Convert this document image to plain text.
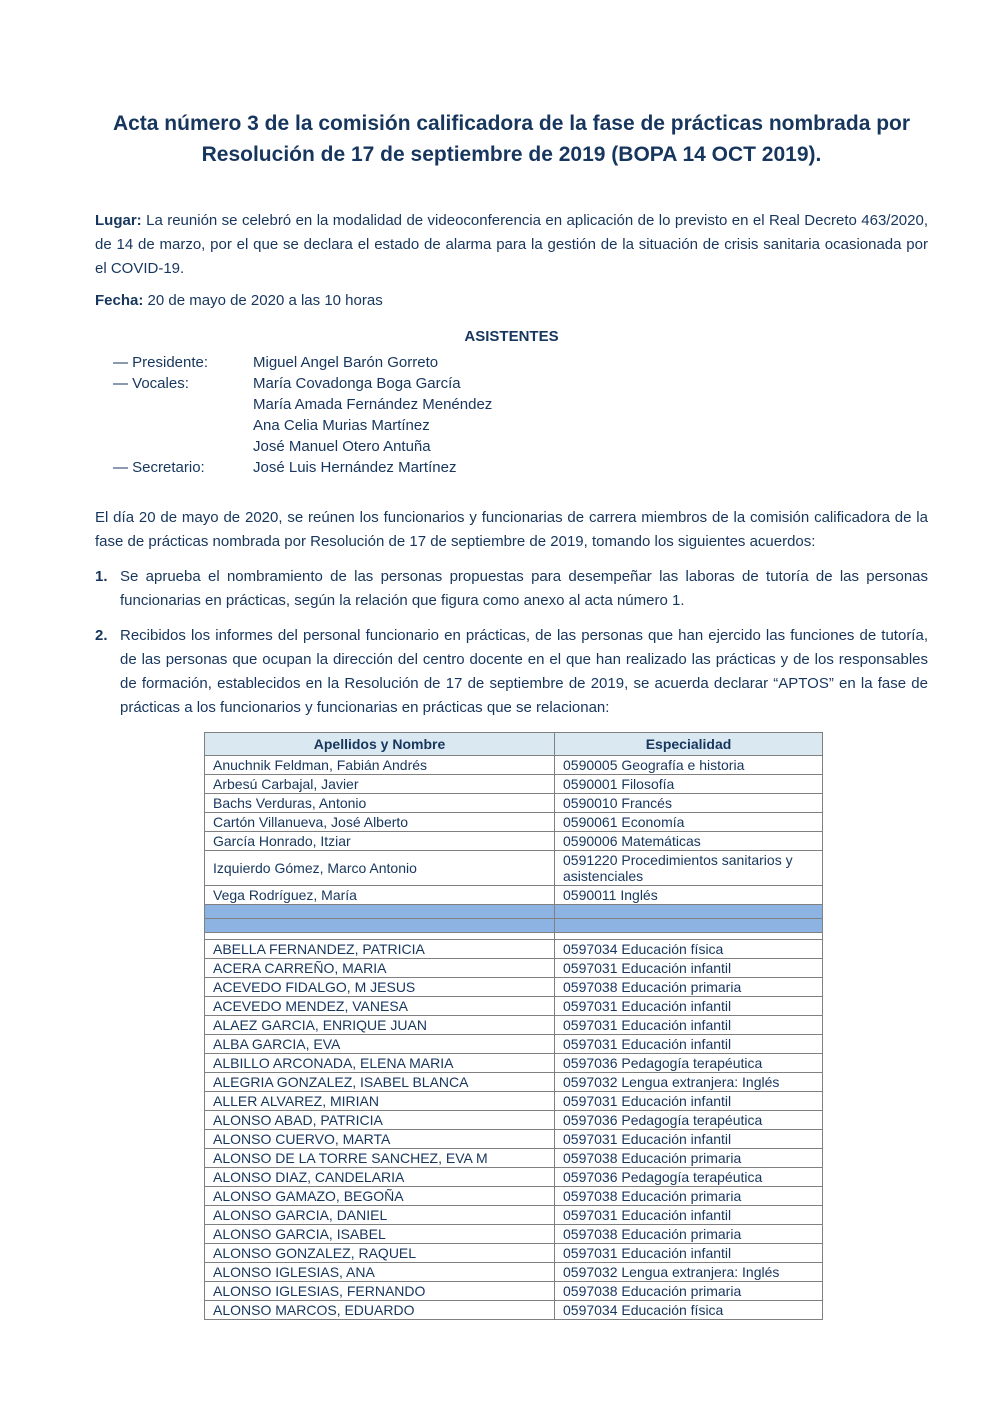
Acta número 3 de la comisión calificadora de la fase de prácticas nombrada por Resolución de 17 de septiembre de 2019 (BOPA 14 OCT 2019).

Lugar: La reunión se celebró en la modalidad de videoconferencia en aplicación de lo previsto en el Real Decreto 463/2020, de 14 de marzo, por el que se declara el estado de alarma para la gestión de la situación de crisis sanitaria ocasionada por el COVID-19.

Fecha: 20 de mayo de 2020 a las 10 horas

ASISTENTES
— Presidente:	Miguel Angel Barón Gorreto
— Vocales:	María Covadonga Boga García
María Amada Fernández Menéndez
Ana Celia Murias Martínez
José Manuel Otero Antuña
— Secretario:	José Luis Hernández Martínez

El día 20 de mayo de 2020, se reúnen los funcionarios y funcionarias de carrera miembros de la comisión calificadora de la fase de prácticas nombrada por Resolución de 17 de septiembre de 2019, tomando los siguientes acuerdos:

1. Se aprueba el nombramiento de las personas propuestas para desempeñar las laboras de tutoría de las personas funcionarias en prácticas, según la relación que figura como anexo al acta número 1.
2. Recibidos los informes del personal funcionario en prácticas, de las personas que han ejercido las funciones de tutoría, de las personas que ocupan la dirección del centro docente en el que han realizado las prácticas y de los responsables de formación, establecidos en la Resolución de 17 de septiembre de 2019, se acuerda declarar “APTOS” en la fase de prácticas a los funcionarios y funcionarias en prácticas que se relacionan:
Apellidos y Nombre	Especialidad
Anuchnik Feldman, Fabián Andrés	0590005 Geografía e historia
Arbesú Carbajal, Javier	0590001 Filosofía
Bachs Verduras, Antonio	0590010 Francés
Cartón Villanueva, José Alberto	0590061 Economía
García Honrado, Itziar	0590006 Matemáticas
Izquierdo Gómez, Marco Antonio	0591220 Procedimientos sanitarios y asistenciales
Vega Rodríguez, María	0590011 Inglés

ABELLA FERNANDEZ, PATRICIA	0597034 Educación física
ACERA CARREÑO, MARIA	0597031 Educación infantil
ACEVEDO FIDALGO, M JESUS	0597038 Educación primaria
ACEVEDO MENDEZ, VANESA	0597031 Educación infantil
ALAEZ GARCIA, ENRIQUE JUAN	0597031 Educación infantil
ALBA GARCIA, EVA	0597031 Educación infantil
ALBILLO ARCONADA, ELENA MARIA	0597036 Pedagogía terapéutica
ALEGRIA GONZALEZ, ISABEL BLANCA	0597032 Lengua extranjera: Inglés
ALLER ALVAREZ, MIRIAN	0597031 Educación infantil
ALONSO ABAD, PATRICIA	0597036 Pedagogía terapéutica
ALONSO CUERVO, MARTA	0597031 Educación infantil
ALONSO DE LA TORRE SANCHEZ, EVA M	0597038 Educación primaria
ALONSO DIAZ, CANDELARIA	0597036 Pedagogía terapéutica
ALONSO GAMAZO, BEGOÑA	0597038 Educación primaria
ALONSO GARCIA, DANIEL	0597031 Educación infantil
ALONSO GARCIA, ISABEL	0597038 Educación primaria
ALONSO GONZALEZ, RAQUEL	0597031 Educación infantil
ALONSO IGLESIAS, ANA	0597032 Lengua extranjera: Inglés
ALONSO IGLESIAS, FERNANDO	0597038 Educación primaria
ALONSO MARCOS, EDUARDO	0597034 Educación física
